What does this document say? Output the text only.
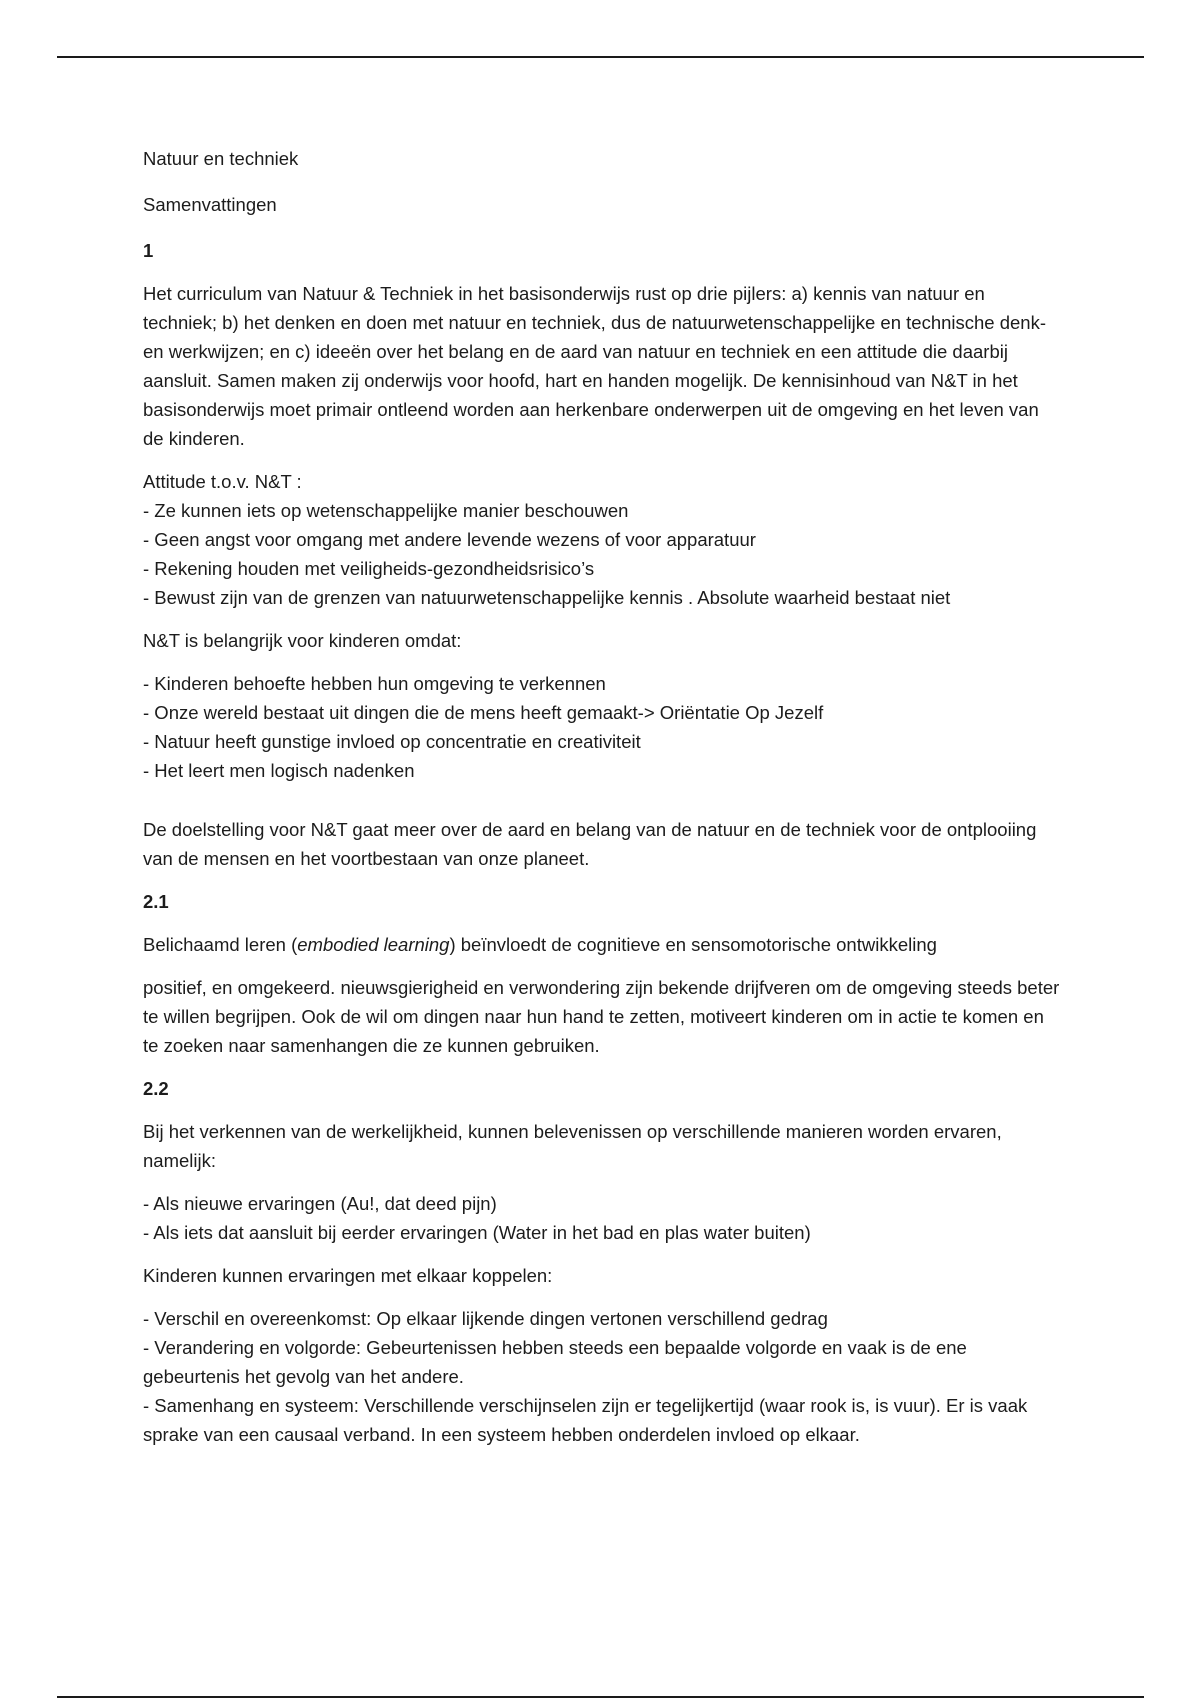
Natuur en techniek

Samenvattingen

1

Het curriculum van Natuur & Techniek in het basisonderwijs rust op drie pijlers: a) kennis van natuur en techniek; b) het denken en doen met natuur en techniek, dus de natuurwetenschappelijke en technische denk- en werkwijzen; en c) ideeën over het belang en de aard van natuur en techniek en een attitude die daarbij aansluit. Samen maken zij onderwijs voor hoofd, hart en handen mogelijk. De kennisinhoud van N&T in het basisonderwijs moet primair ontleend worden aan herkenbare onderwerpen uit de omgeving en het leven van de kinderen.

Attitude t.o.v. N&T :
- Ze kunnen iets op wetenschappelijke manier beschouwen
- Geen angst voor omgang met andere levende wezens of voor apparatuur
- Rekening houden met veiligheids-gezondheidsrisico’s
- Bewust zijn van de grenzen van natuurwetenschappelijke kennis . Absolute waarheid bestaat niet

N&T is belangrijk voor kinderen omdat:

- Kinderen behoefte hebben hun omgeving te verkennen
- Onze wereld bestaat uit dingen die de mens heeft gemaakt-> Oriëntatie Op Jezelf
- Natuur heeft gunstige invloed op concentratie en creativiteit
- Het leert men logisch nadenken

De doelstelling voor N&T gaat meer over de aard en belang van de natuur en de techniek voor de ontplooiing van de mensen en het voortbestaan van onze planeet.

2.1

Belichaamd leren (embodied learning) beïnvloedt de cognitieve en sensomotorische ontwikkeling

positief, en omgekeerd. nieuwsgierigheid en verwondering zijn bekende drijfveren om de omgeving steeds beter te willen begrijpen. Ook de wil om dingen naar hun hand te zetten, motiveert kinderen om in actie te komen en te zoeken naar samenhangen die ze kunnen gebruiken.

2.2

Bij het verkennen van de werkelijkheid, kunnen belevenissen op verschillende manieren worden ervaren, namelijk:

- Als nieuwe ervaringen (Au!, dat deed pijn)
- Als iets dat aansluit bij eerder ervaringen (Water in het bad en plas water buiten)

Kinderen kunnen ervaringen met elkaar koppelen:

- Verschil en overeenkomst: Op elkaar lijkende dingen vertonen verschillend gedrag
- Verandering en volgorde: Gebeurtenissen hebben steeds een bepaalde volgorde en vaak is de ene gebeurtenis het gevolg van het andere.
- Samenhang en systeem: Verschillende verschijnselen zijn er tegelijkertijd (waar rook is, is vuur). Er is vaak sprake van een causaal verband. In een systeem hebben onderdelen invloed op elkaar.
